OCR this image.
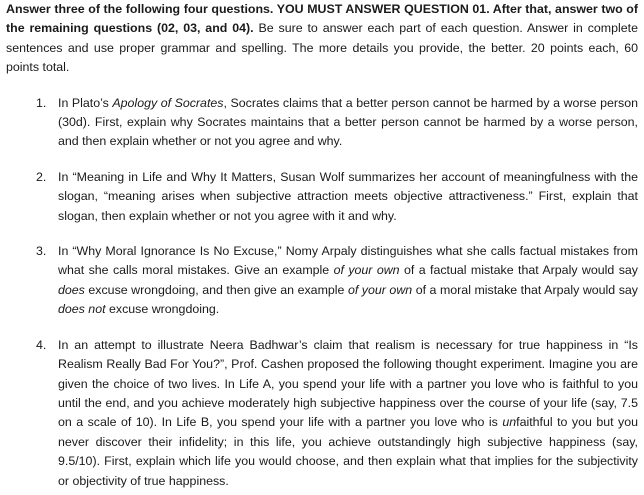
Answer three of the following four questions. YOU MUST ANSWER QUESTION 01. After that, answer two of the remaining questions (02, 03, and 04). Be sure to answer each part of each question. Answer in complete sentences and use proper grammar and spelling. The more details you provide, the better. 20 points each, 60 points total.

1. In Plato’s Apology of Socrates, Socrates claims that a better person cannot be harmed by a worse person (30d). First, explain why Socrates maintains that a better person cannot be harmed by a worse person, and then explain whether or not you agree and why.
2. In “Meaning in Life and Why It Matters, Susan Wolf summarizes her account of meaningfulness with the slogan, “meaning arises when subjective attraction meets objective attractiveness.” First, explain that slogan, then explain whether or not you agree with it and why.
3. In “Why Moral Ignorance Is No Excuse,” Nomy Arpaly distinguishes what she calls factual mistakes from what she calls moral mistakes. Give an example of your own of a factual mistake that Arpaly would say does excuse wrongdoing, and then give an example of your own of a moral mistake that Arpaly would say does not excuse wrongdoing.
4. In an attempt to illustrate Neera Badhwar’s claim that realism is necessary for true happiness in “Is Realism Really Bad For You?”, Prof. Cashen proposed the following thought experiment. Imagine you are given the choice of two lives. In Life A, you spend your life with a partner you love who is faithful to you until the end, and you achieve moderately high subjective happiness over the course of your life (say, 7.5 on a scale of 10). In Life B, you spend your life with a partner you love who is unfaithful to you but you never discover their infidelity; in this life, you achieve outstandingly high subjective happiness (say, 9.5/10). First, explain which life you would choose, and then explain what that implies for the subjectivity or objectivity of true happiness.
